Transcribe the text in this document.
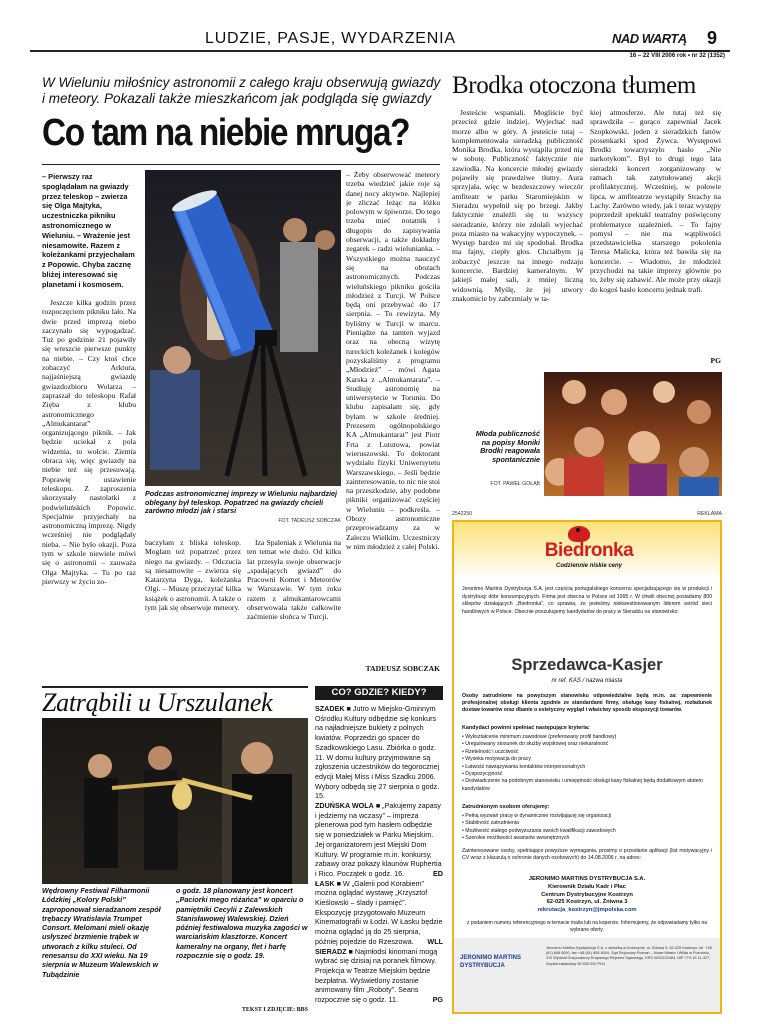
LUDZIE, PASJE, WYDARZENIA	NAD WARTĄ 9
16 – 22 VIII 2006 rok • nr 32 (1352)
W Wieluniu miłośnicy astronomii z całego kraju obserwują gwiazdy i meteory. Pokazali także mieszkańcom jak podgląda się gwiazdy
Co tam na niebie mruga?
– Pierwszy raz spoglądałam na gwiazdy przez teleskop – zwierza się Olga Majtyka, uczestniczka pikniku astronomicznego w Wieluniu. – Wrażenie jest niesamowite. Razem z koleżankami przyjechałam z Popowic. Chyba zacznę bliżej interesować się planetami i kosmosem.
Jeszcze kilka godzin przez rozpoczęciem pikniku lało. Na dwie przed imprezą niebo zaczynało się wypogadzać. Tuż po godzinie 21 pojawiły się wreszcie pierwsze punkty na niebie. – Czy ktoś chce zobaczyć Arktura, najjaśniejszą gwiazdę gwiazdozbioru Wolarza – zapraszał do teleskopu Rafał Zięba z klubu astronomicznego „Almukantarat” organizującego piknik. – Jak będzie uciekał z pola widzenia, to wołcie. Ziemia obraca się, więc gwiazdy na niebie też się przesuwają. Poprawię ustawienie teleskopu. Z zaproszenia skorzystały nastolatki z podwieluńskich Popowic. Specjalnie przyjechały na astronomiczną imprezę. Nigdy wcześniej nie podglądały nieba. – Nie było okazji. Poza tym w szkole niewiele mówi się o astronomii – zauważa Olga Majtyka. – Tu po raz pierwszy w życiu zo-
Podczas astronomicznej imprezy w Wieluniu najbardziej oblegany był teleskop. Popatrzeć na gwiazdy chcieli zarówno młodzi jak i starsi
FOT. TADEUSZ SOBCZAK
baczyłam z bliska teleskop. Mogłam też popatrzeć przez niego na gwiazdy. – Odczucia są niesamowite – zwierza się Katarzyna Dyga, koleżanka Olgi. – Muszę przeczytać kilka książek o astronomii. A także o tym jak się obserwuje meteory.
Iza Spaleniak z Wielunia na ten temat wie dużo. Od kilku lat przesyła swoje obserwacje „spadających gwiazd” do Pracowni Komet i Meteorów w Warszawie. W tym roku razem z almukantarowcami obserwowała także całkowite zaćmienie słońca w Turcji.
– Żeby obserwować meteory trzeba wiedzieć jakie roje są danej nocy aktywne. Najlepiej je zliczać leżąc na łóżku polowym w śpiworze. Do tego trzeba mieć notatnik i długopis do zapisywania obserwacji, a także dokładny zegarek – radzi wieluniankа. – Wszystkiego można nauczyć się na obozach astronomicznych. Podczas wieluńskiego pikniku gościła młodzież z Turcji. W Polsce będą oni przebywać do 17 sierpnia. – To rewizyta. My byliśmy w Turcji w marcu. Pieniądze na tamten wyjazd oraz na obecną wizytę tureckich koleżanek i kolegów pozyskaliśmy z programu „Młodzież” – mówi Agata Karska z „Almukantarata”. – Studiuję astronomię na uniwersytecie w Toruniu. Do klubu zapisałam się, gdy byłam w szkole średniej. Prezesem ogólnopolskiego KA „Almukantarat” jest Piotr Frta z Lututowa, powiat wieruszowski. To doktorant wydziału fizyki Uniwersytetu Warszawskiego. – Jeśli będzie zainteresowanie, to nic nie stoi na przeszkodzie, aby podobne pikniki organizować częściej w Wieluniu – podkreśla. – Obozy astronomiczne przeprowadzamy za w Zaleczu Wielkim. Uczestniczy w nim młodzież z całej Polski.
TADEUSZ SOBCZAK
Brodka otoczona tłumem
Jesteście wspaniali. Mogliście być przecież gdzie indziej. Wyjechać nad morze albo w góry. A jesteście tutaj – komplementowała sieradzką publiczność Monika Brodka, która wystąpiła przed nią w sobotę. Publiczność faktycznie nie zawiodła. Na koncercie młodej gwiazdy pojawiły się prawdziwe tłumy. Aura sprzyjała, więc w bezdeszczowy wieczór amfiteatr w parku Staromiejskim w Sieradzu wypełnił się po brzegi. Jakby faktycznie znaleźli się tu wszyscy sieradzanie, którzy nie zdołali wyjechać poza miasto na wakacyjny wypoczynek. – Występ bardzo mi się spodobał. Brodka ma fajny, ciepły głos. Chciałbym ją zobaczyć jeszcze na innego rodzaju koncercie. Bardziej kameralnym. W jakiejś małej sali, z mniej liczną widownią. Myślę, że jej utwory znakomicie by zabrzmiały w ta-
kiej atmosferze. Ale tutaj też się sprawdziła – gorąco zapewniał Jacek Szopkowski, jeden z sieradzkich fanów piosenkarki spod Żywca. Występowi Brodki towarzyszyło hasło „Nie narkotykom”. Był to drugi tego lata sieradzki koncert zorganizowany w ramach tak zatytułowanej akcji profilaktycznej. Wcześniej, w połowie lipca, w amfiteatrze wystąpiły Strachy na Lachy. Zarówno wtedy, jak i teraz występy poprzedził spektakl teatralny poświęcony problematyce uzależnień. – To fajny pomysł – nie ma wątpliwości przedstawicielka starszego pokolenia Teresa Malicka, która też bawiła się na koncercie. – Wiadomo, że młodzież przychodzi na takie imprezy głównie po to, żeby się zabawić. Ale może przy okazji do kogoś hasło koncertu jednak trafi.
PG
Młoda publiczność na popisy Moniki Brodki reagowała spontanicznie
FOT. PAWEŁ GOŁĄB
2542250	REKLAMA
Biedronka
Codziennie niskie ceny
Jeronimo Martins Dystrybucja S.A. jest częścią portugalskiego koncernu specjalizującego się w produkcji i dystrybucji dóbr konsumpcyjnych. Firma jest obecna w Polsce od 1995 r. W chwili obecnej posiadamy 800 sklepów działających „Biedronka”, co sprawia, że jesteśmy niekwestionowanym liderem wśród sieci handlowych w Polsce. Obecnie poszukujemy kandydatów do pracy w Sieradzu na stanowisko:
Sprzedawca-Kasjer
nr ref. KAS / nazwa miasta
Osoby zatrudnione na powyższym stanowisku odpowiedzialne będą m.in. za: zapewnienie profesjonalnej obsługi klienta zgodnie ze standardami firmy, obsługę kasy fiskalnej, rozładunek dostaw towarów oraz dbanie o estetyczny wygląd i właściwy sposób ekspozycji towarów.
Kandydaci powinni spełniać następujące kryteria:
• Wykształcenie minimum zawodowe (preferowany profil handlowy)
• Uregulowany stosunek do służby wojskowej oraz niekaralność
• Rzetelność i uczciwość
• Wysoka motywacja do pracy
• Łatwość nawiązywania kontaktów interpersonalnych
• Dyspozycyjność
• Doświadczenie na podobnym stanowisku i umiejętność obsługi kasy fiskalnej będą dodatkowym atutem kandydatów
Zatrudnionym osobom oferujemy:
• Pełną wyzwań pracę w dynamicznie rozwijającej się organizacji
• Stabilność zatrudnienia
• Możliwość stałego podwyższania swoich kwalifikacji zawodowych
• Szerokie możliwości awansów wewnętrznych
Zainteresowane osoby, spełniające powyższe wymagania, prosimy o przesłanie aplikacji (list motywacyjny i CV wraz z klauzulą o ochronie danych osobowych) do 14.08.2006 r. na adres:
JERONIMO MARTINS DYSTRYBUCJA S.A.
Kierownik Działu Kadr i Płac
Centrum Dystrybucyjne Kostrzyn
62-025 Kostrzyn, ul. Żniwna 3
rekrutacja_kostrzyn@jmpolska.com
z podaniem numeru referencyjnego w temacie maila lub na kopercie. Informujemy, że odpowiadamy tylko na wybrane oferty.
JERONIMO MARTINS DYSTRYBUCJA
Jeronimo Martins Dystrybucja S.A. z siedzibą w Kostrzynie, ul. Żniwna 5, 62-025 Kostrzyn, tel. +48 (61) 658 8000, fax +48 (61) 658 8004, Sąd Rejonowy Poznań – Nowe Miasto i Wilda w Poznaniu, XXI Wydział Gospodarczy Krajowego Rejestru Sądowego, KRS 0000222483, NIP 779-10-11-327, Kapitał zakładowy 50.000.000 PLN
Zatrąbili u Urszulanek
Wędrowny Festiwal Filharmonii Łódzkiej „Kolory Polski” zaproponował sieradzanom zespół trębaczy Wratislavia Trumpet Consort. Melomani mieli okazję usłyszeć brzmienie trąbek w utworach z kilku stuleci. Od renesansu do XXI wieku. Na 19 sierpnia w Muzeum Walewskich w Tubądzinie
o godz. 18 planowany jest koncert „Paciorki mego różańca” w oparciu o pamiętniki Cecylii z Zalewskich Stanisławowej Walewskiej. Dzień później festiwalowa muzyka zagości w warciańskim klasztorze. Koncert kameralny na organy, flet i harfę rozpocznie się o godz. 19.
TEKST I ZDJĘCIE: BBS
CO? GDZIE? KIEDY?
SZADEK ■ Jutro w Miejsko-Gminnym Ośrodku Kultury odbędzie się konkurs na najładniejsze bukiety z polnych kwiatów. Poprzedzi go spacer do Szadkowskiego Lasu. Zbiórka o godz. 11. W domu kultury przyjmowane są zgłoszenia uczestników do tegorocznej edycji Małej Miss i Miss Szadku 2006. Wybory odbędą się 27 sierpnia o godz. 15.
ZDUŃSKA WOLA ■ „Pakujemy zapasy i jedziemy na wczasy” – impreza plenerowa pod tym hasłem odbędzie się w poniedziałek w Parku Miejskim. Jej organizatorem jest Miejski Dom Kultury. W programie m.in. konkursy, zabawy oraz pokazy klaunów Ruphertia i Rico. Początek o godz. 16.	ED
ŁASK ■ W „Galerii pod Korabiem” można oglądać wystawę „Krzysztof Kieślowski – ślady i pamięć”. Ekspozycję przygotowało Muzeum Kinematografii w Łodzi. W Łasku będzie można oglądać ją do 25 sierpnia, później pojedzie do Rzeszowa. WLL
SIERADZ ■ Najmłodsi kinomani mogą wybrać się dzisiaj na poranek filmowy. Projekcja w Teatrze Miejskim będzie bezpłatna. Wyświetlony zostanie animowany film „Roboty”. Seans rozpocznie się o godz. 11.	PG
